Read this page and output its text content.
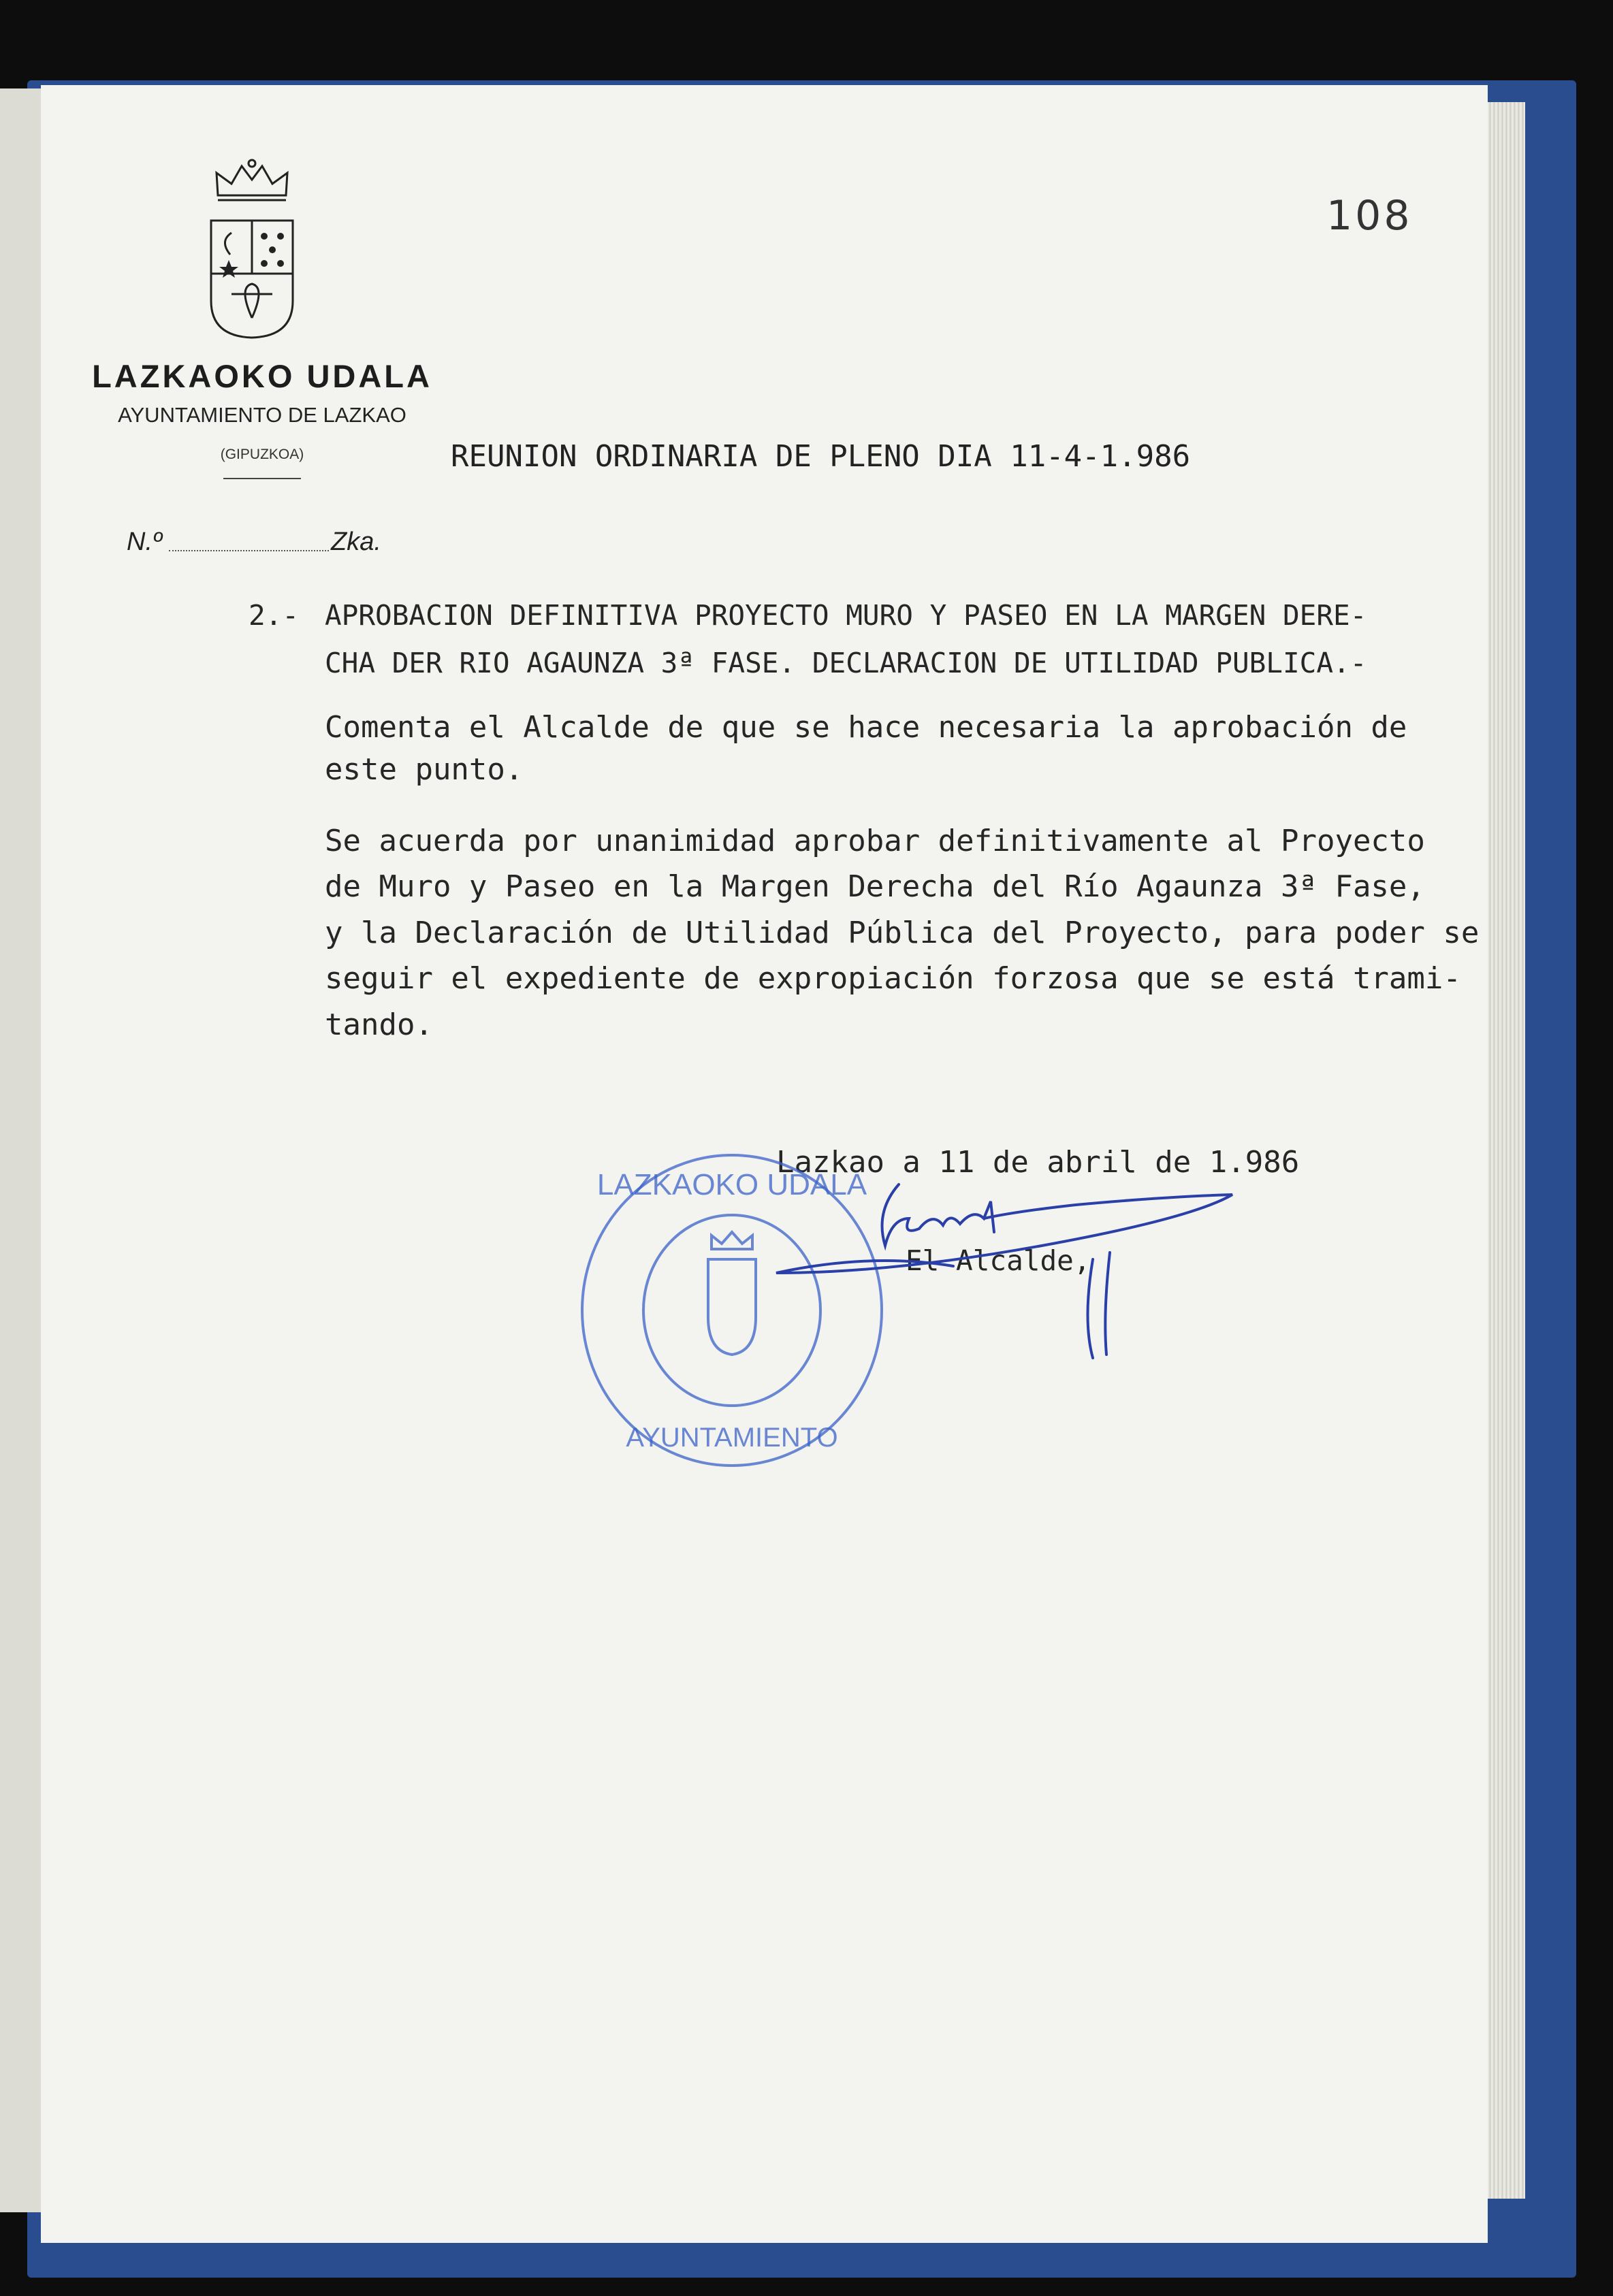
LAZKAOKO UDALA
AYUNTAMIENTO DE LAZKAO
(GIPUZKOA)
108
REUNION ORDINARIA DE PLENO DIA 11-4-1.986
N.º	Zka.
2.- APROBACION DEFINITIVA PROYECTO MURO Y PASEO EN LA MARGEN DERE-
CHA DER RIO AGAUNZA 3ª FASE. DECLARACION DE UTILIDAD PUBLICA.-
Comenta el Alcalde de que se hace necesaria la aprobación de
este punto.
Se acuerda por unanimidad aprobar definitivamente al Proyecto
de Muro y Paseo en la Margen Derecha del Río Agaunza 3ª Fase,
y la Declaración de Utilidad Pública del Proyecto, para poder se
seguir el expediente de expropiación forzosa que se está trami-
tando.
Lazkao a 11 de abril de 1.986
El Alcalde,
LAZKAOKO UDALA
AYUNTAMIENTO
